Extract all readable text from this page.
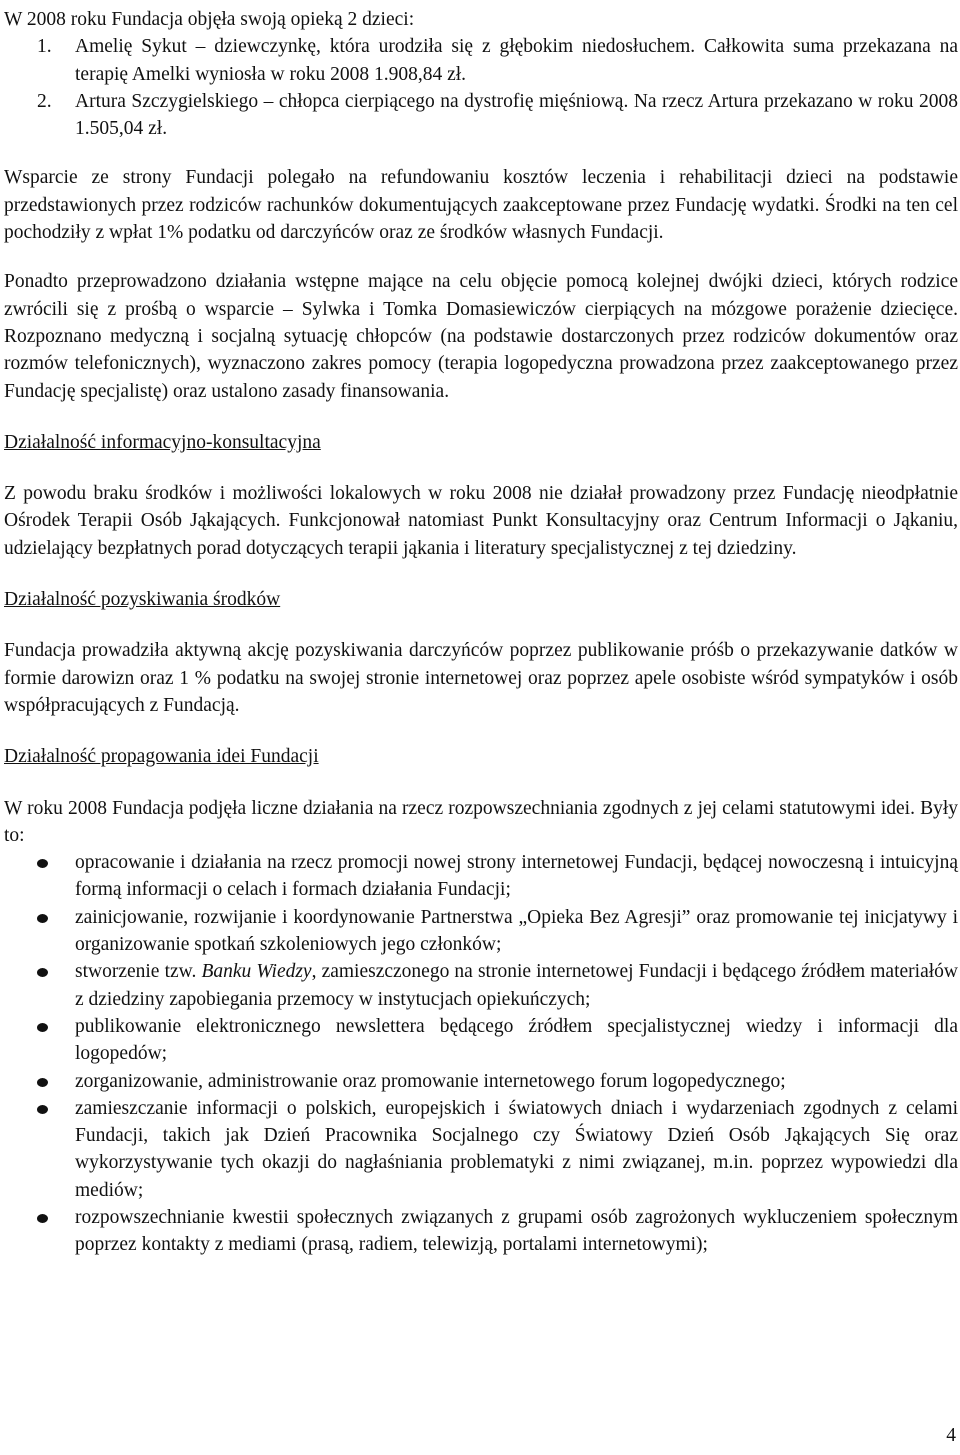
W 2008 roku Fundacja objęła swoją opieką 2 dzieci:

1. Amelię Sykut – dziewczynkę, która urodziła się z głębokim niedosłuchem. Całkowita suma przekazana na terapię Amelki wyniosła w roku 2008 1.908,84 zł.
2. Artura Szczygielskiego – chłopca cierpiącego na dystrofię mięśniową. Na rzecz Artura przekazano w roku 2008 1.505,04 zł.

Wsparcie ze strony Fundacji polegało na refundowaniu kosztów leczenia i rehabilitacji dzieci na podstawie przedstawionych przez rodziców rachunków dokumentujących zaakceptowane przez Fundację wydatki. Środki na ten cel pochodziły z wpłat 1% podatku od darczyńców oraz ze środków własnych Fundacji.

Ponadto przeprowadzono działania wstępne mające na celu objęcie pomocą kolejnej dwójki dzieci, których rodzice zwrócili się z prośbą o wsparcie – Sylwka i Tomka Domasiewiczów cierpiących na mózgowe porażenie dziecięce. Rozpoznano medyczną i socjalną sytuację chłopców (na podstawie dostarczonych przez rodziców dokumentów oraz rozmów telefonicznych), wyznaczono zakres pomocy (terapia logopedyczna prowadzona przez zaakceptowanego przez Fundację specjalistę) oraz ustalono zasady finansowania.

Działalność informacyjno-konsultacyjna

Z powodu braku środków i możliwości lokalowych w roku 2008 nie działał prowadzony przez Fundację nieodpłatnie Ośrodek Terapii Osób Jąkających. Funkcjonował natomiast Punkt Konsultacyjny oraz Centrum Informacji o Jąkaniu, udzielający bezpłatnych porad dotyczących terapii jąkania i literatury specjalistycznej z tej dziedziny.

Działalność pozyskiwania środków

Fundacja prowadziła aktywną akcję pozyskiwania darczyńców poprzez publikowanie próśb o przekazywanie datków w formie darowizn oraz 1 % podatku na swojej stronie internetowej oraz poprzez apele osobiste wśród sympatyków i osób współpracujących z Fundacją.

Działalność propagowania idei Fundacji

W roku 2008 Fundacja podjęła liczne działania na rzecz rozpowszechniania zgodnych z jej celami statutowymi idei. Były to:

opracowanie i działania na rzecz promocji nowej strony internetowej Fundacji, będącej nowoczesną i intuicyjną formą informacji o celach i formach działania Fundacji;
zainicjowanie, rozwijanie i koordynowanie Partnerstwa „Opieka Bez Agresji” oraz promowanie tej inicjatywy i organizowanie spotkań szkoleniowych jego członków;
stworzenie tzw. Banku Wiedzy, zamieszczonego na stronie internetowej Fundacji i będącego źródłem materiałów z dziedziny zapobiegania przemocy w instytucjach opiekuńczych;
publikowanie elektronicznego newslettera będącego źródłem specjalistycznej wiedzy i informacji dla logopedów;
zorganizowanie, administrowanie oraz promowanie internetowego forum logopedycznego;
zamieszczanie informacji o polskich, europejskich i światowych dniach i wydarzeniach zgodnych z celami Fundacji, takich jak Dzień Pracownika Socjalnego czy Światowy Dzień Osób Jąkających Się oraz wykorzystywanie tych okazji do nagłaśniania problematyki z nimi związanej, m.in. poprzez wypowiedzi dla mediów;
rozpowszechnianie kwestii społecznych związanych z grupami osób zagrożonych wykluczeniem społecznym poprzez kontakty z mediami (prasą, radiem, telewizją, portalami internetowymi);
4
